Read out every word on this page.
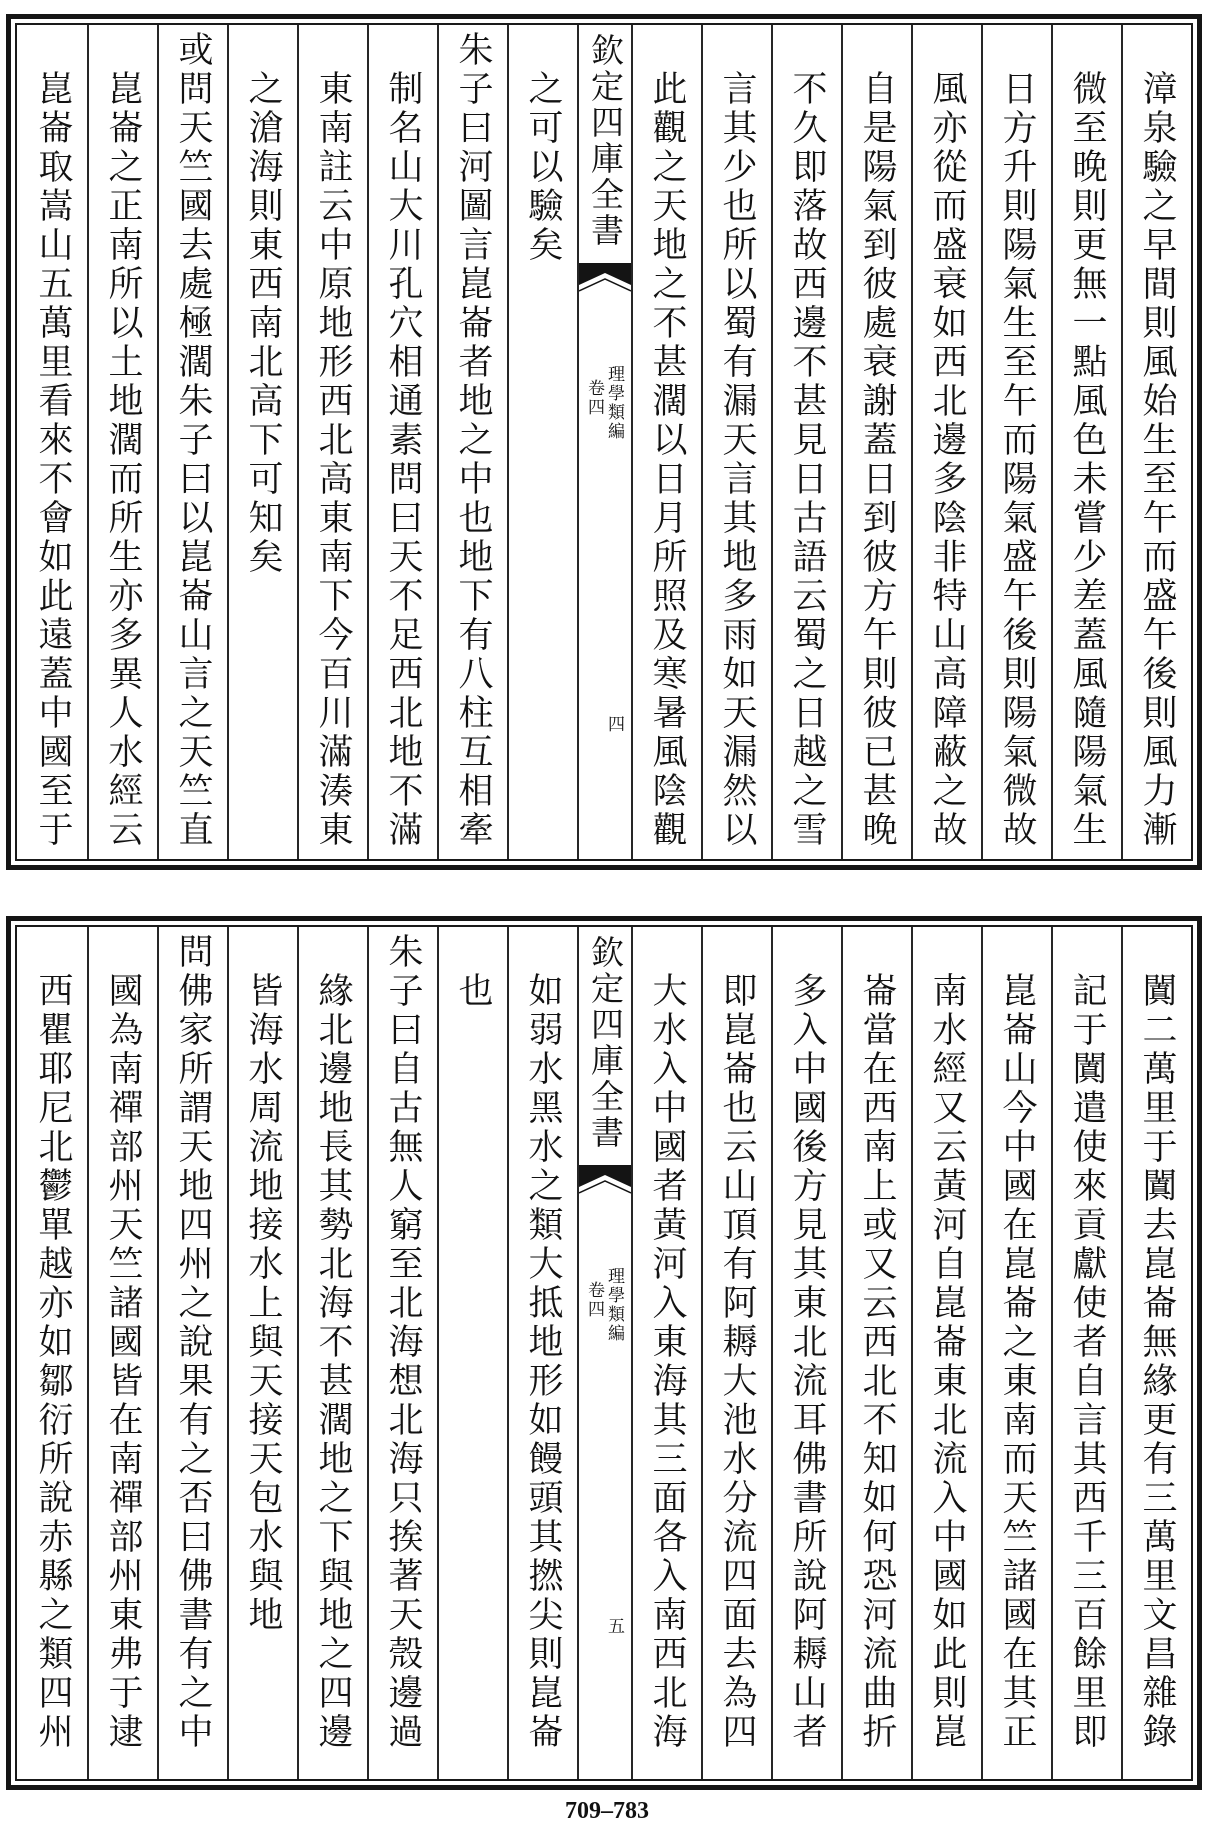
漳泉驗之早間則風始生至午而盛午後則風力漸
微至晚則更無一點風色未嘗少差蓋風隨陽氣生
日方升則陽氣生至午而陽氣盛午後則陽氣微故
風亦從而盛衰如西北邊多陰非特山高障蔽之故
自是陽氣到彼處衰謝蓋日到彼方午則彼已甚晚
不久即落故西邊不甚見日古語云蜀之日越之雪
言其少也所以蜀有漏天言其地多雨如天漏然以
此觀之天地之不甚濶以日月所照及寒暑風陰觀
欽定四庫全書
理學類編
卷四
四
之可以驗矣
朱子曰河圖言崑崙者地之中也地下有八柱互相牽
制名山大川孔穴相通素問曰天不足西北地不滿
東南註云中原地形西北高東南下今百川滿湊東
之滄海則東西南北高下可知矣
或問天竺國去處極濶朱子曰以崑崙山言之天竺直
崑崙之正南所以土地濶而所生亦多異人水經云
崑崙取嵩山五萬里看來不會如此遠蓋中國至于
闐二萬里于闐去崑崙無緣更有三萬里文昌雜錄
記于闐遣使來貢獻使者自言其西千三百餘里即
崑崙山今中國在崑崙之東南而天竺諸國在其正
南水經又云黃河自崑崙東北流入中國如此則崑
崙當在西南上或又云西北不知如何恐河流曲折
多入中國後方見其東北流耳佛書所說阿耨山者
即崑崙也云山頂有阿耨大池水分流四面去為四
大水入中國者黃河入東海其三面各入南西北海
欽定四庫全書
理學類編
卷四
五
如弱水黑水之類大抵地形如饅頭其撚尖則崑崙
也
朱子曰自古無人窮至北海想北海只挨著天殼邊過
緣北邊地長其勢北海不甚濶地之下與地之四邊
皆海水周流地接水上與天接天包水與地
問佛家所謂天地四州之說果有之否曰佛書有之中
國為南禪部州天竺諸國皆在南禪部州東弗于逮
西瞿耶尼北鬱單越亦如鄒衍所說赤縣之類四州
709–783
